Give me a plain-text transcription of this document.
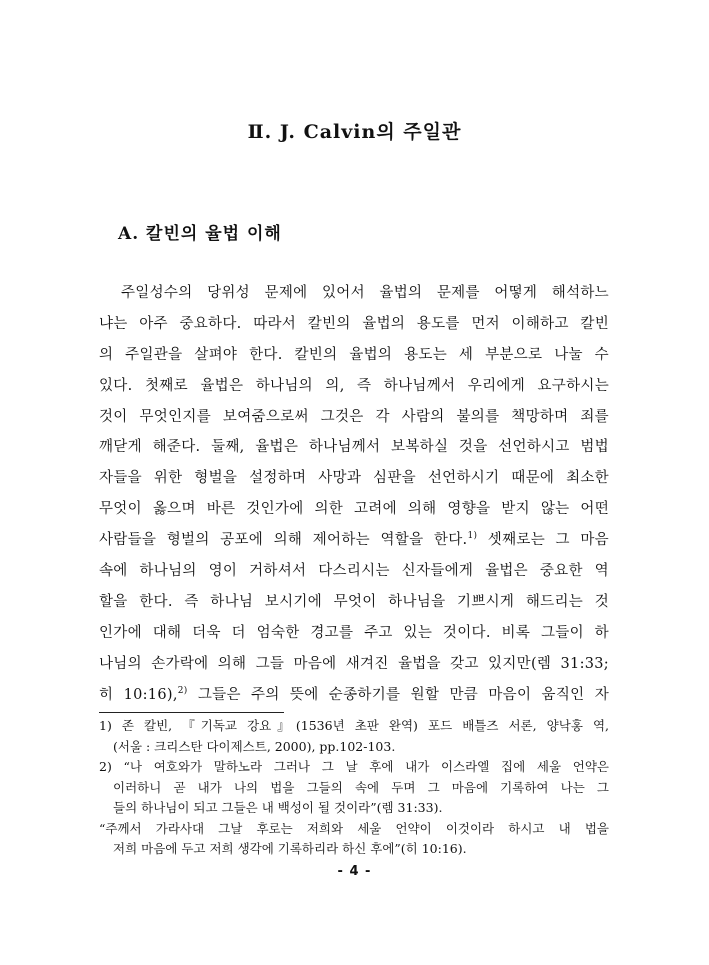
Ⅱ. J. Calvin의 주일관
A. 칼빈의 율법 이해
주일성수의 당위성 문제에 있어서 율법의 문제를 어떻게 해석하느
냐는 아주 중요하다. 따라서 칼빈의 율법의 용도를 먼저 이해하고 칼빈
의 주일관을 살펴야 한다. 칼빈의 율법의 용도는 세 부분으로 나눌 수
있다. 첫째로 율법은 하나님의 의, 즉 하나님께서 우리에게 요구하시는
것이 무엇인지를 보여줌으로써 그것은 각 사람의 불의를 책망하며 죄를
깨닫게 해준다. 둘째, 율법은 하나님께서 보복하실 것을 선언하시고 범법
자들을 위한 형벌을 설정하며 사망과 심판을 선언하시기 때문에 최소한
무엇이 옳으며 바른 것인가에 의한 고려에 의해 영향을 받지 않는 어떤
사람들을 형벌의 공포에 의해 제어하는 역할을 한다.$^{1)}$ 셋째로는 그 마음
속에 하나님의 영이 거하셔서 다스리시는 신자들에게 율법은 중요한 역
할을 한다. 즉 하나님 보시기에 무엇이 하나님을 기쁘시게 해드리는 것
인가에 대해 더욱 더 엄숙한 경고를 주고 있는 것이다. 비록 그들이 하
나님의 손가락에 의해 그들 마음에 새겨진 율법을 갖고 있지만(렘 31:33;
히 10:16),$^{2)}$ 그들은 주의 뜻에 순종하기를 원할 만큼 마음이 움직인 자
1) 존 칼빈, 『기독교 강요』(1536년 초판 완역) 포드 배틀즈 서론, 양낙홍 역,
(서울 : 크리스탄 다이제스트, 2000), pp.102-103.
2) “나 여호와가 말하노라 그러나 그 날 후에 내가 이스라엘 집에 세울 언약은
이러하니 곧 내가 나의 법을 그들의 속에 두며 그 마음에 기록하여 나는 그
들의 하나님이 되고 그들은 내 백성이 될 것이라”(렘 31:33).
“주께서 가라사대 그날 후로는 저희와 세울 언약이 이것이라 하시고 내 법을
저희 마음에 두고 저희 생각에 기록하리라 하신 후에”(히 10:16).
- 4 -
